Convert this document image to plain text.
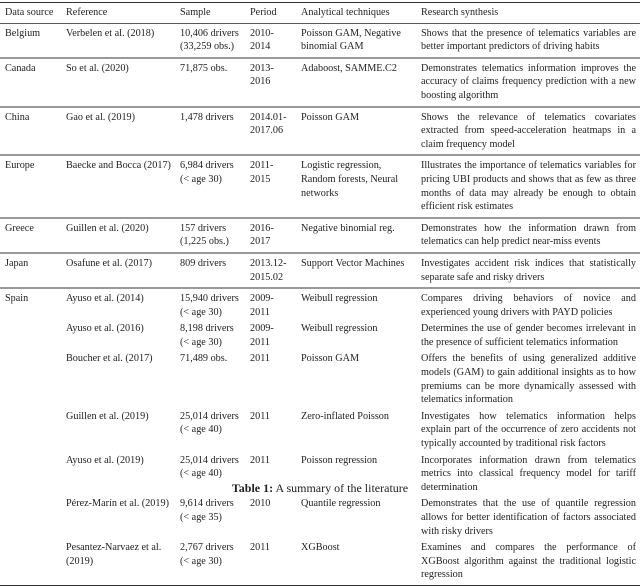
Data source	Reference	Sample	Period	Analytical techniques	Research synthesis
Belgium	Verbelen et al. (2018)	10,406 drivers (33,259 obs.)	2010-2014	Poisson GAM, Negative binomial GAM	Shows that the presence of telematics variables are better important predictors of driving habits
Canada	So et al. (2020)	71,875 obs.	2013-2016	Adaboost, SAMME.C2	Demonstrates telematics information improves the accuracy of claims frequency prediction with a new boosting algorithm
China	Gao et al. (2019)	1,478 drivers	2014.01-2017.06	Poisson GAM	Shows the relevance of telematics covariates extracted from speed-acceleration heatmaps in a claim frequency model
Europe	Baecke and Bocca (2017)	6,984 drivers (< age 30)	2011-2015	Logistic regression, Random forests, Neural networks	Illustrates the importance of telematics variables for pricing UBI products and shows that as few as three months of data may already be enough to obtain efficient risk estimates
Greece	Guillen et al. (2020)	157 drivers (1,225 obs.)	2016-2017	Negative binomial reg.	Demonstrates how the information drawn from telematics can help predict near-miss events
Japan	Osafune et al. (2017)	809 drivers	2013.12-2015.02	Support Vector Machines	Investigates accident risk indices that statistically separate safe and risky drivers
Spain	Ayuso et al. (2014)	15,940 drivers (< age 30)	2009-2011	Weibull regression	Compares driving behaviors of novice and experienced young drivers with PAYD policies
	Ayuso et al. (2016)	8,198 drivers (< age 30)	2009-2011	Weibull regression	Determines the use of gender becomes irrelevant in the presence of sufficient telematics information
	Boucher et al. (2017)	71,489 obs.	2011	Poisson GAM	Offers the benefits of using generalized additive models (GAM) to gain additional insights as to how premiums can be more dynamically assessed with telematics information
	Guillen et al. (2019)	25,014 drivers (< age 40)	2011	Zero-inflated Poisson	Investigates how telematics information helps explain part of the occurrence of zero accidents not typically accounted by traditional risk factors
	Ayuso et al. (2019)	25,014 drivers (< age 40)	2011	Poisson regression	Incorporates information drawn from telematics metrics into classical frequency model for tariff determination
	Pérez-Marín et al. (2019)	9,614 drivers (< age 35)	2010	Quantile regression	Demonstrates that the use of quantile regression allows for better identification of factors associated with risky drivers
	Pesantez-Narvaez et al. (2019)	2,767 drivers (< age 30)	2011	XGBoost	Examines and compares the performance of XGBoost algorithm against the traditional logistic regression
Table 1: A summary of the literature
